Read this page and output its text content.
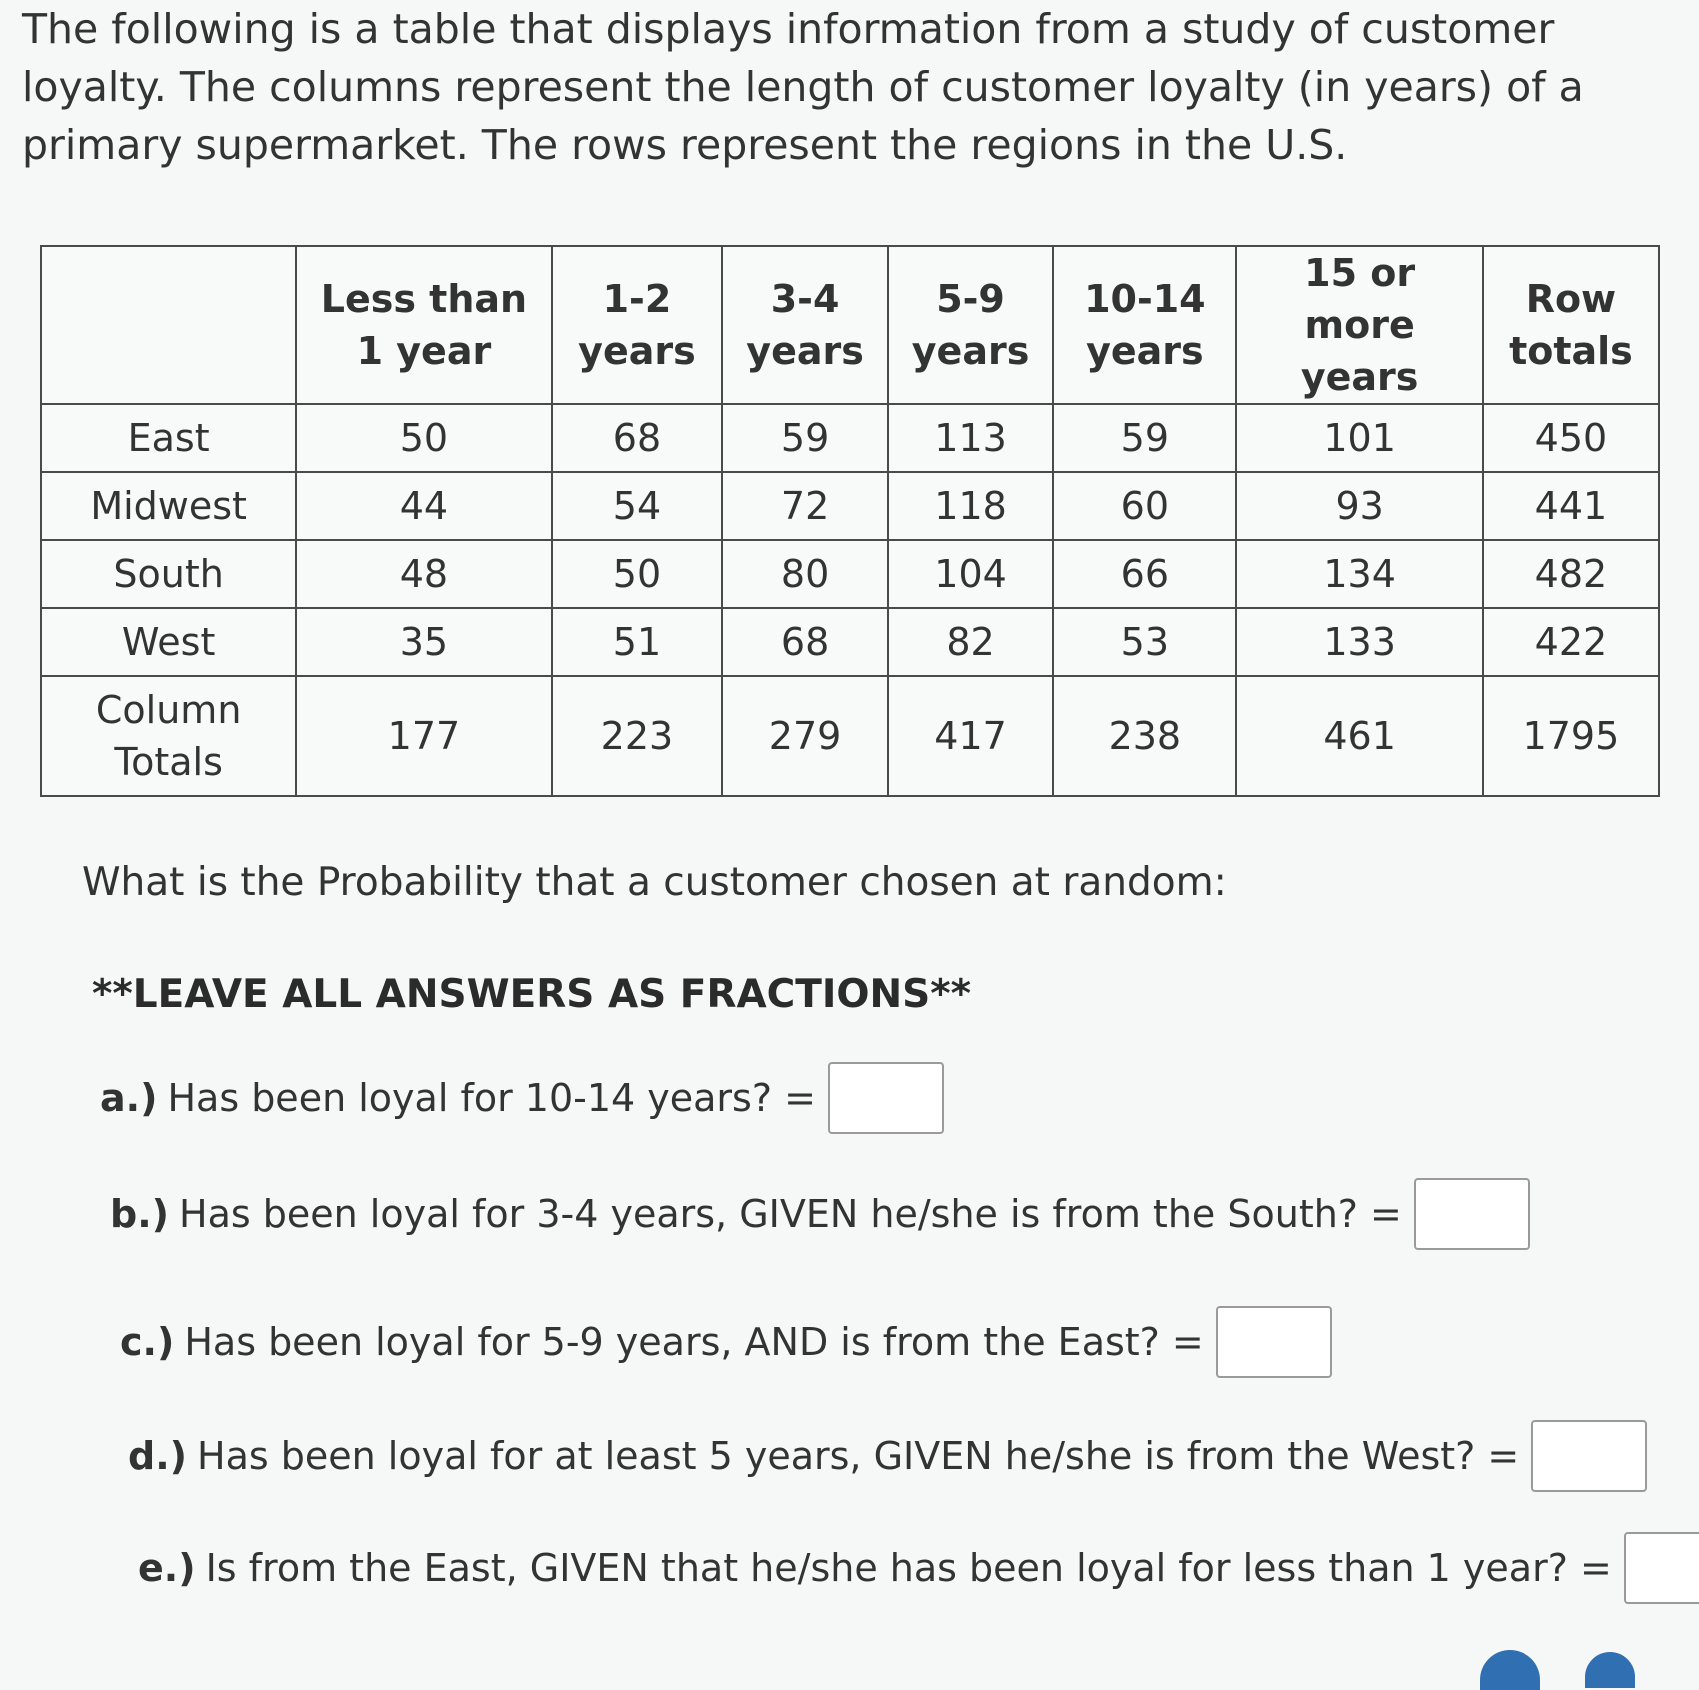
The following is a table that displays information from a study of customer loyalty. The columns represent the length of customer loyalty (in years) of a primary supermarket. The rows represent the regions in the U.S.
	Less than 1 year	1-2 years	3-4 years	5-9 years	10-14 years	15 or more years	Row totals
East	50	68	59	113	59	101	450
Midwest	44	54	72	118	60	93	441
South	48	50	80	104	66	134	482
West	35	51	68	82	53	133	422
Column Totals	177	223	279	417	238	461	1795
What is the Probability that a customer chosen at random:
**LEAVE ALL ANSWERS AS FRACTIONS**
a.) Has been loyal for 10-14 years? =
b.) Has been loyal for 3-4 years, GIVEN he/she is from the South? =
c.) Has been loyal for 5-9 years, AND is from the East? =
d.) Has been loyal for at least 5 years, GIVEN he/she is from the West? =
e.) Is from the East, GIVEN that he/she has been loyal for less than 1 year? =
